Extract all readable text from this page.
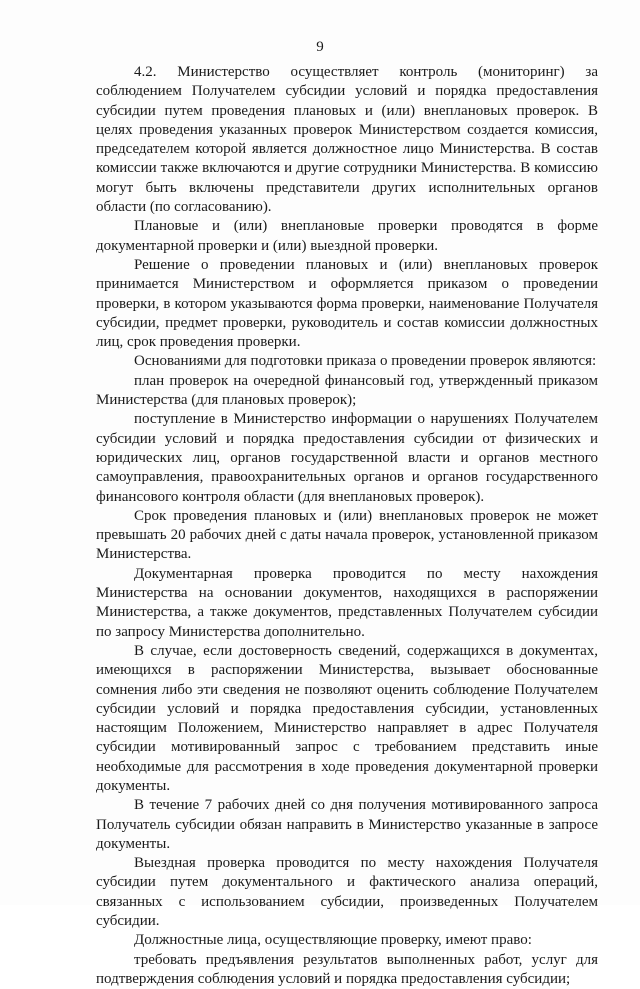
9

4.2. Министерство осуществляет контроль (мониторинг) за соблюдением Получателем субсидии условий и порядка предоставления субсидии путем проведения плановых и (или) внеплановых проверок. В целях проведения указанных проверок Министерством создается комиссия, председателем которой является должностное лицо Министерства. В состав комиссии также включаются и другие сотрудники Министерства. В комиссию могут быть включены представители других исполнительных органов области (по согласованию).

Плановые и (или) внеплановые проверки проводятся в форме документарной проверки и (или) выездной проверки.

Решение о проведении плановых и (или) внеплановых проверок принимается Министерством и оформляется приказом о проведении проверки, в котором указываются форма проверки, наименование Получателя субсидии, предмет проверки, руководитель и состав комиссии должностных лиц, срок проведения проверки.

Основаниями для подготовки приказа о проведении проверок являются:

план проверок на очередной финансовый год, утвержденный приказом Министерства (для плановых проверок);

поступление в Министерство информации о нарушениях Получателем субсидии условий и порядка предоставления субсидии от физических и юридических лиц, органов государственной власти и органов местного самоуправления, правоохранительных органов и органов государственного финансового контроля области (для внеплановых проверок).

Срок проведения плановых и (или) внеплановых проверок не может превышать 20 рабочих дней с даты начала проверок, установленной приказом Министерства.

Документарная проверка проводится по месту нахождения Министерства на основании документов, находящихся в распоряжении Министерства, а также документов, представленных Получателем субсидии по запросу Министерства дополнительно.

В случае, если достоверность сведений, содержащихся в документах, имеющихся в распоряжении Министерства, вызывает обоснованные сомнения либо эти сведения не позволяют оценить соблюдение Получателем субсидии условий и порядка предоставления субсидии, установленных настоящим Положением, Министерство направляет в адрес Получателя субсидии мотивированный запрос с требованием представить иные необходимые для рассмотрения в ходе проведения документарной проверки документы.

В течение 7 рабочих дней со дня получения мотивированного запроса Получатель субсидии обязан направить в Министерство указанные в запросе документы.

Выездная проверка проводится по месту нахождения Получателя субсидии путем документального и фактического анализа операций, связанных с использованием субсидии, произведенных Получателем субсидии.

Должностные лица, осуществляющие проверку, имеют право:

требовать предъявления результатов выполненных работ, услуг для подтверждения соблюдения условий и порядка предоставления субсидии;
